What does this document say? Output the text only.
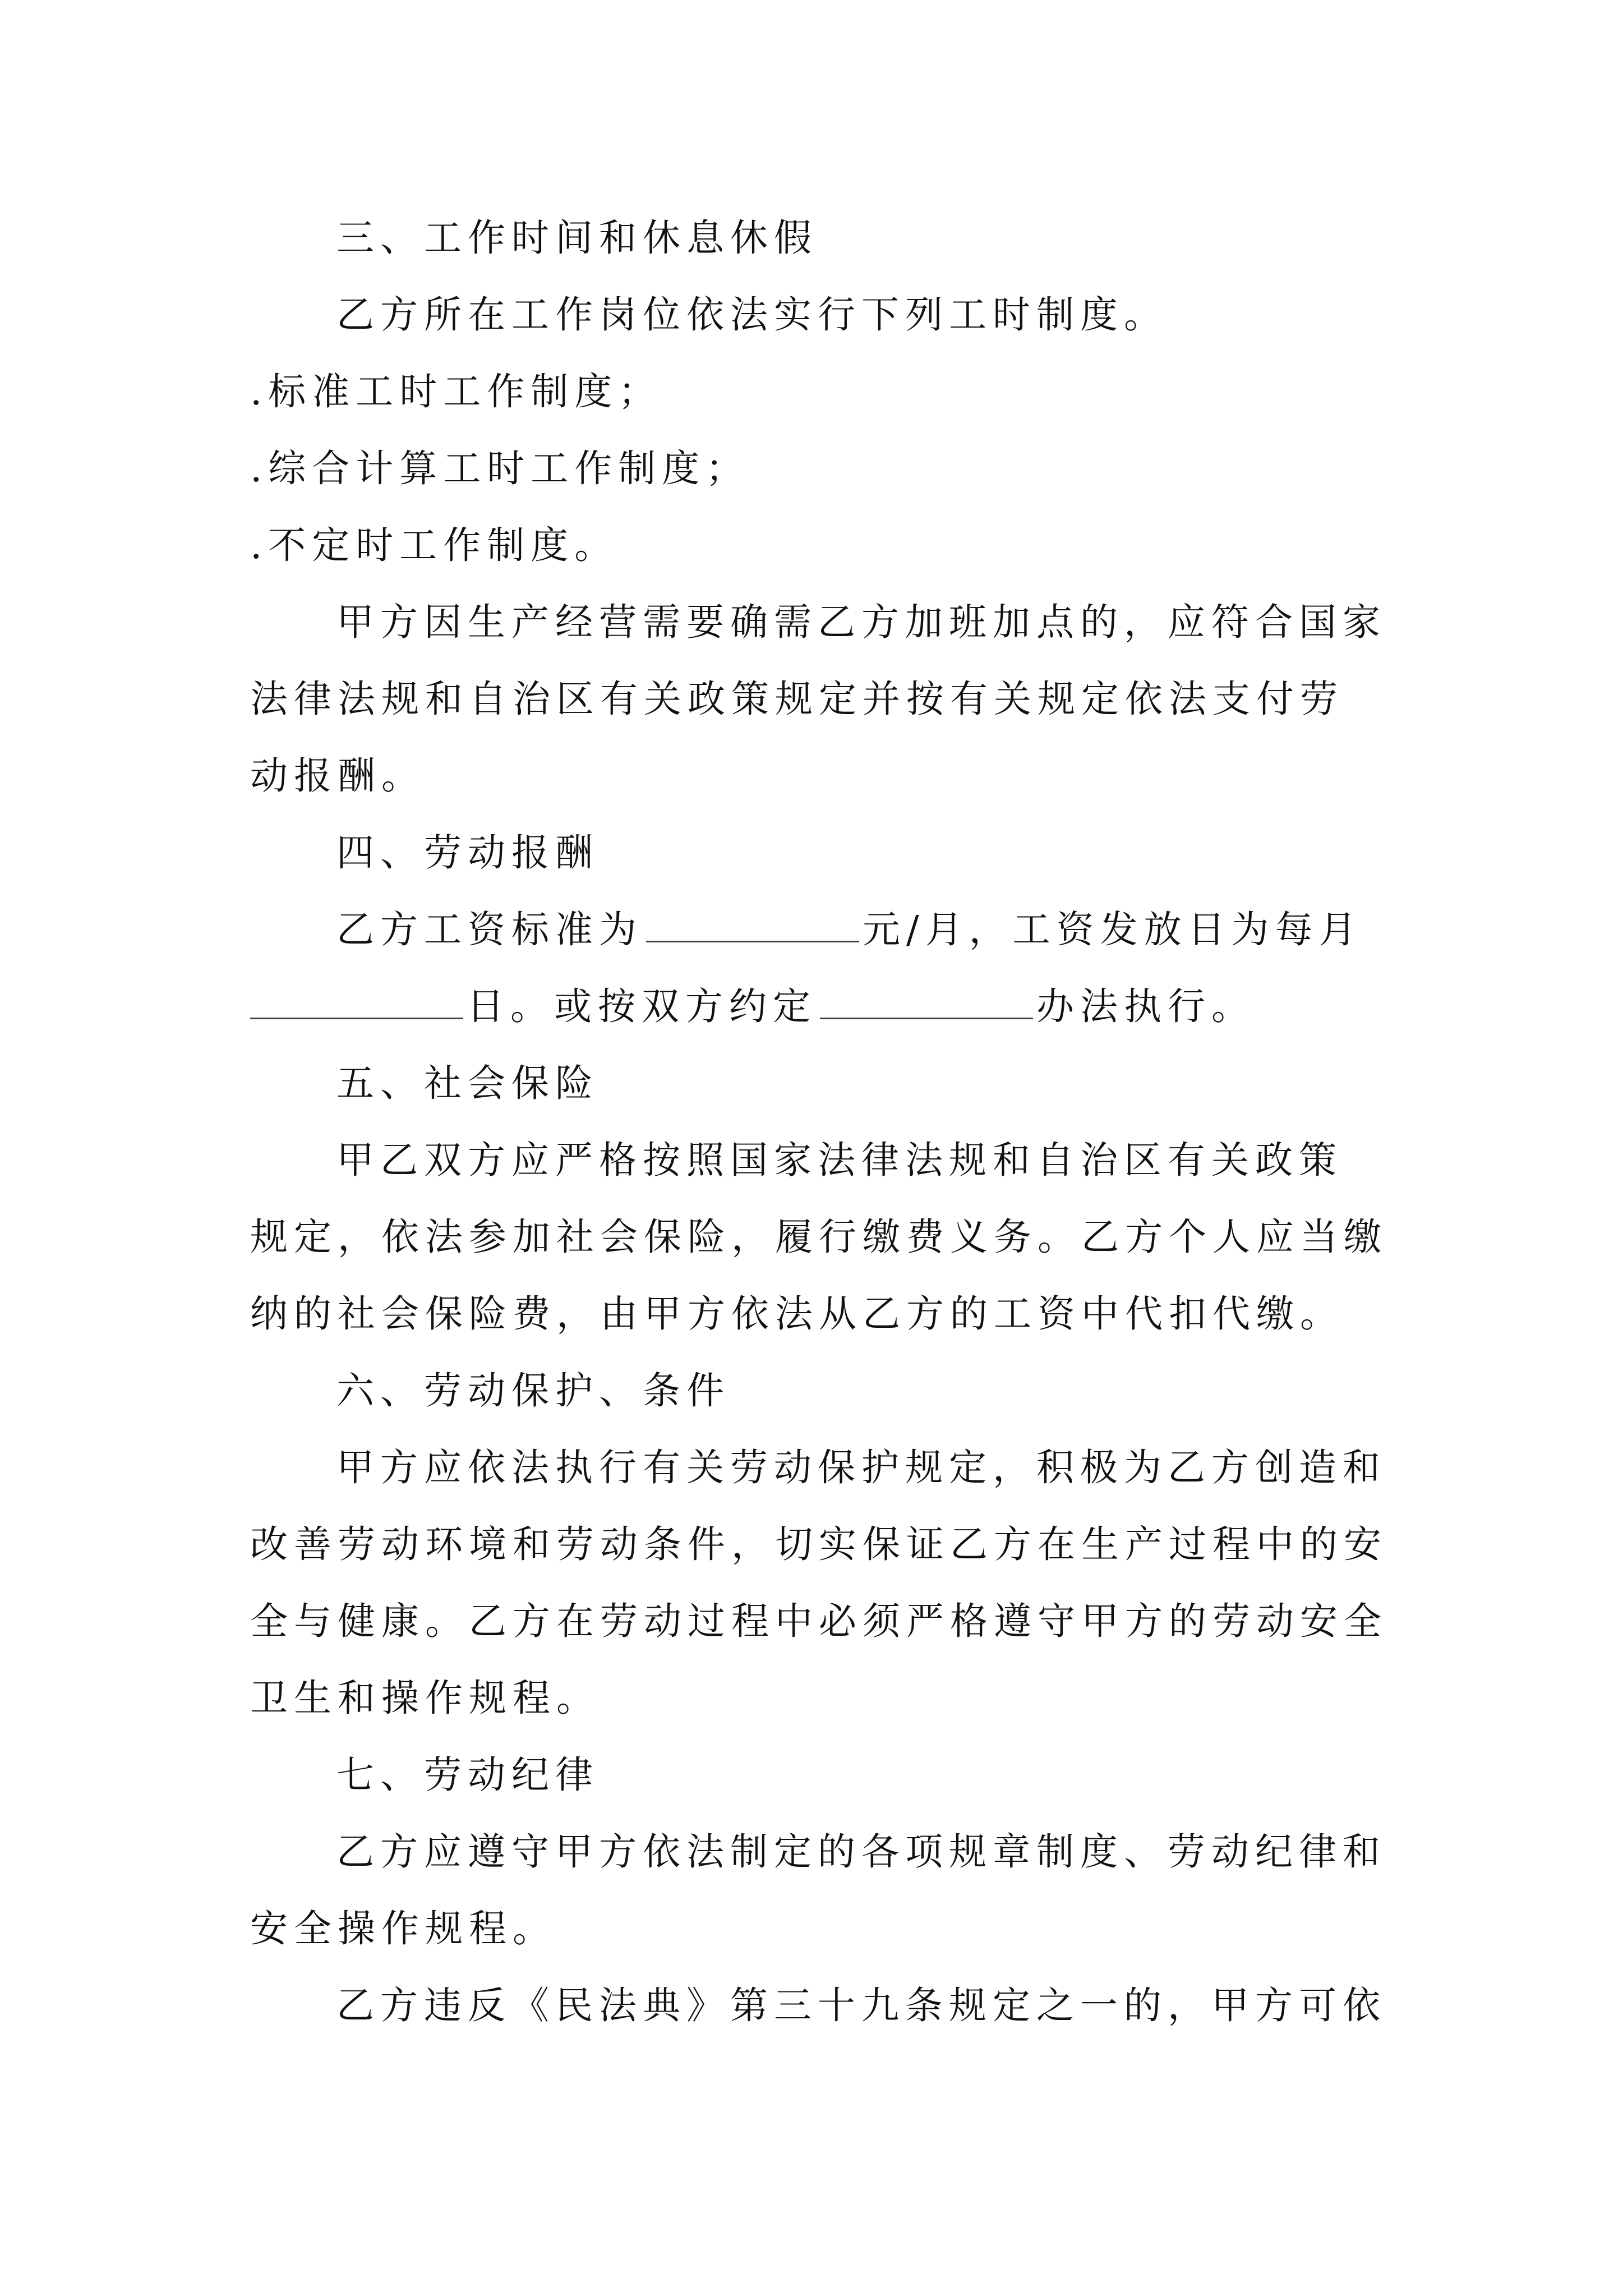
三、工作时间和休息休假
乙方所在工作岗位依法实行下列工时制度。
.标准工时工作制度；
.综合计算工时工作制度；
.不定时工作制度。
甲方因生产经营需要确需乙方加班加点的，应符合国家
法律法规和自治区有关政策规定并按有关规定依法支付劳
动报酬。
四、劳动报酬
乙方工资标准为	元/月，工资发放日为每月
日。或按双方约定	办法执行。
五、社会保险
甲乙双方应严格按照国家法律法规和自治区有关政策
规定，依法参加社会保险，履行缴费义务。乙方个人应当缴
纳的社会保险费，由甲方依法从乙方的工资中代扣代缴。
六、劳动保护、条件
甲方应依法执行有关劳动保护规定，积极为乙方创造和
改善劳动环境和劳动条件，切实保证乙方在生产过程中的安
全与健康。乙方在劳动过程中必须严格遵守甲方的劳动安全
卫生和操作规程。
七、劳动纪律
乙方应遵守甲方依法制定的各项规章制度、劳动纪律和
安全操作规程。
乙方违反《民法典》第三十九条规定之一的，甲方可依
